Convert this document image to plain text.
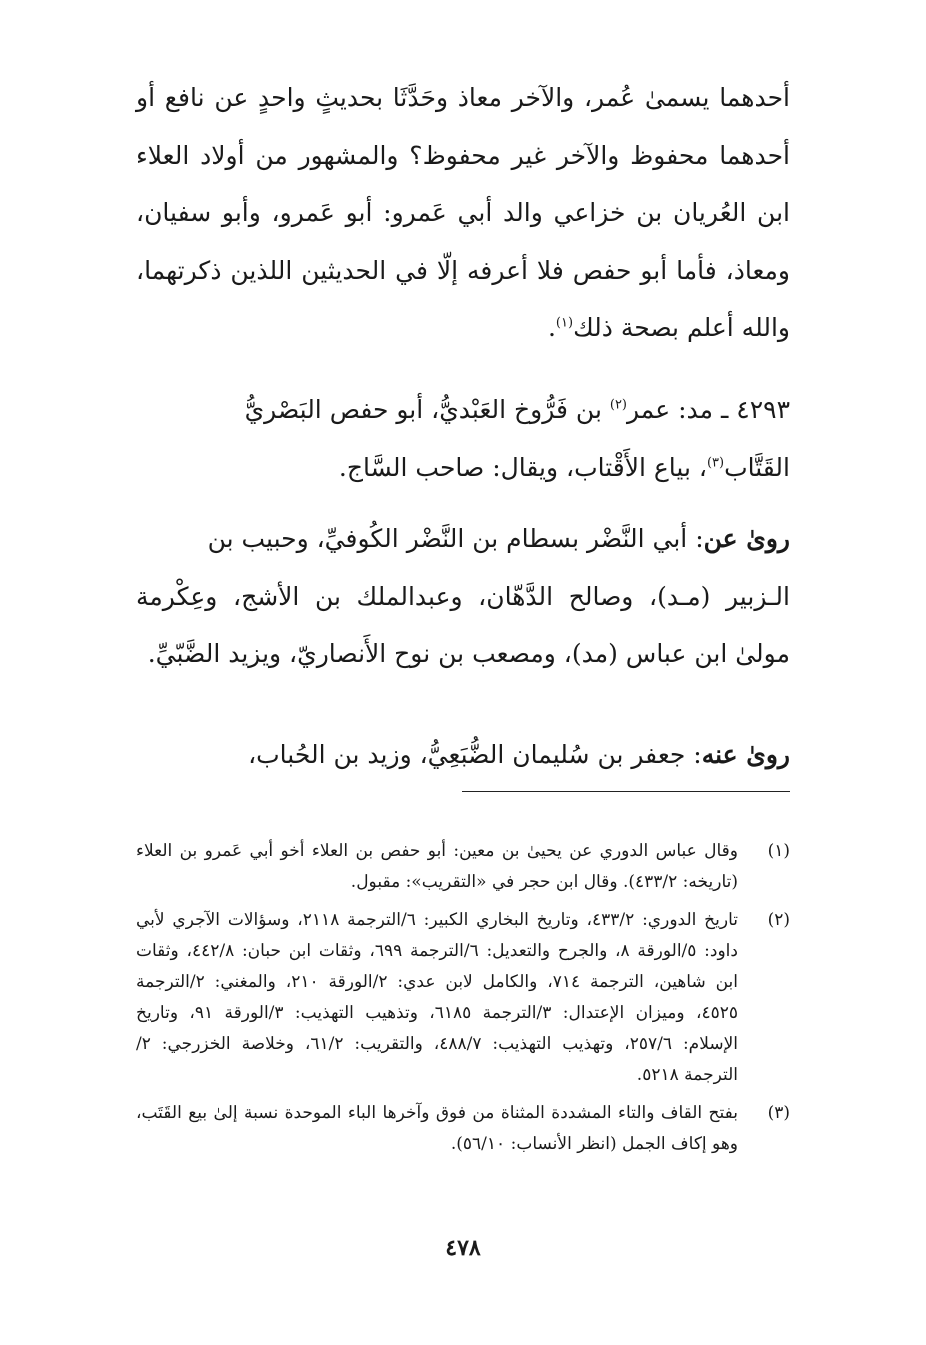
أحدهما يسمىٰ عُمر، والآخر معاذ وحَدَّثَا بحديثٍ واحدٍ عن نافع أو أحدهما محفوظ والآخر غير محفوظ؟ والمشهور من أولاد العلاء ابن العُريان بن خزاعي والد أبي عَمرو: أبو عَمرو، وأبو سفيان، ومعاذ، فأما أبو حفص فلا أعرفه إلّا في الحديثين اللذين ذكرتهما، والله أعلم بصحة ذلك$^{(١)}$.

٤٢٩٣ ـ مد: عمر$^{(٢)}$ بن فَرُّوخ العَبْديُّ، أبو حفص البَصْريُّ
القَتَّاب$^{(٣)}$، بياع الأَقْتاب، ويقال: صاحب السَّاج.
روىٰ عن: أبي النَّضْر بسطام بن النَّضْر الكُوفيِّ، وحبيب بن
الـزبير (مـد)، وصالح الدَّهّان، وعبدالملك بن الأشج، وعِكْرمة مولىٰ ابن عباس (مد)، ومصعب بن نوح الأَنصاريّ، ويزيد الضَّبّيِّ.
روىٰ عنه: جعفر بن سُليمان الضُّبَعِيُّ، وزيد بن الحُباب،
(١)
وقال عباس الدوري عن يحيىٰ بن معين: أبو حفص بن العلاء أخو أبي عَمرو بن العلاء (تاريخه: ٤٣٣/٢). وقال ابن حجر في «التقريب»: مقبول.
(٢)
تاريخ الدوري: ٤٣٣/٢، وتاريخ البخاري الكبير: ٦/الترجمة ٢١١٨، وسؤالات الآجري لأبي داود: ٥/الورقة ٨، والجرح والتعديل: ٦/الترجمة ٦٩٩، وثقات ابن حبان: ٤٤٢/٨، وثقات ابن شاهين، الترجمة ٧١٤، والكامل لابن عدي: ٢/الورقة ٢١٠، والمغني: ٢/الترجمة ٤٥٢٥، وميزان الإعتدال: ٣/الترجمة ٦١٨٥، وتذهيب التهذيب: ٣/الورقة ٩١، وتاريخ الإسلام: ٢٥٧/٦، وتهذيب التهذيب: ٤٨٨/٧، والتقريب: ٦١/٢، وخلاصة الخزرجي: ٢/الترجمة ٥٢١٨.
(٣)
بفتح القاف والتاء المشددة المثناة من فوق وآخرها الباء الموحدة نسبة إلىٰ بيع القَتَب، وهو إكاف الجمل (انظر الأنساب: ٥٦/١٠).
٤٧٨
